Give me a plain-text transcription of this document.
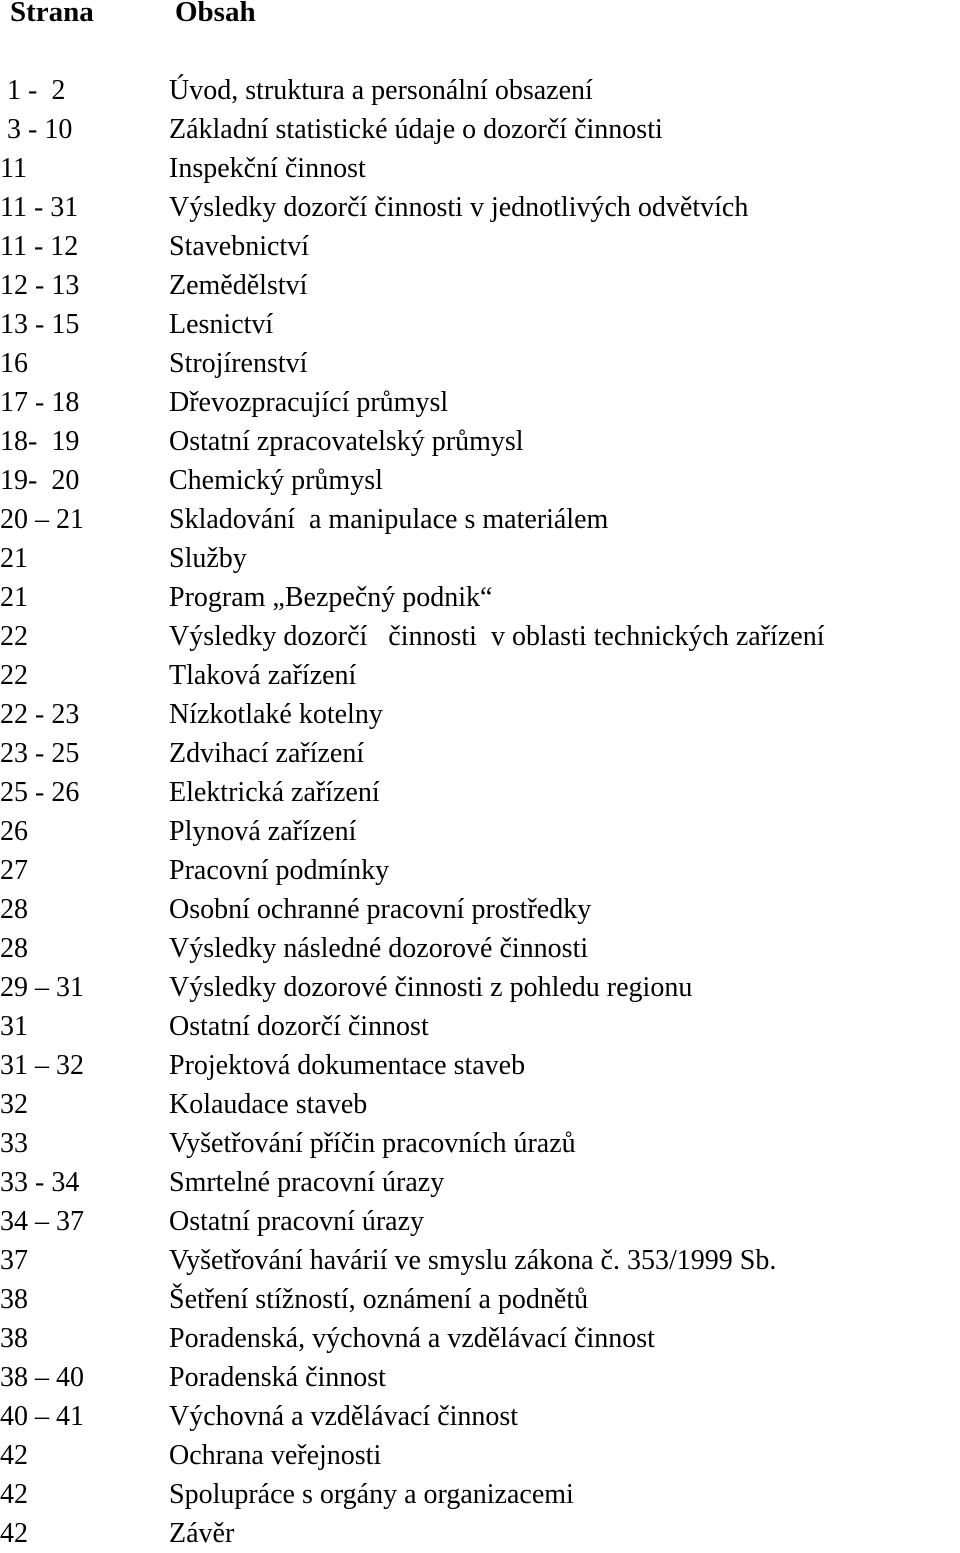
Strana	Obsah
1 -  2	Úvod, struktura a personální obsazení
3 - 10	Základní statistické údaje o dozorčí činnosti
11	Inspekční činnost
11 - 31	Výsledky dozorčí činnosti v jednotlivých odvětvích
11 - 12	Stavebnictví
12 - 13	Zemědělství
13 - 15	Lesnictví
16	Strojírenství
17 - 18	Dřevozpracující průmysl
18-  19	Ostatní zpracovatelský průmysl
19-  20	Chemický průmysl
20 – 21	Skladování  a manipulace s materiálem
21	Služby
21	Program „Bezpečný podnik“
22	Výsledky dozorčí   činnosti  v oblasti technických zařízení
22	Tlaková zařízení
22 - 23	Nízkotlaké kotelny
23 - 25	Zdvihací zařízení
25 - 26	Elektrická zařízení
26	Plynová zařízení
27	Pracovní podmínky
28	Osobní ochranné pracovní prostředky
28	Výsledky následné dozorové činnosti
29 – 31	Výsledky dozorové činnosti z pohledu regionu
31	Ostatní dozorčí činnost
31 – 32	Projektová dokumentace staveb
32	Kolaudace staveb
33	Vyšetřování příčin pracovních úrazů
33 - 34	Smrtelné pracovní úrazy
34 – 37	Ostatní pracovní úrazy
37	Vyšetřování havárií ve smyslu zákona č. 353/1999 Sb.
38	Šetření stížností, oznámení a podnětů
38	Poradenská, výchovná a vzdělávací činnost
38 – 40	Poradenská činnost
40 – 41	Výchovná a vzdělávací činnost
42	Ochrana veřejnosti
42	Spolupráce s orgány a organizacemi
42	Závěr
